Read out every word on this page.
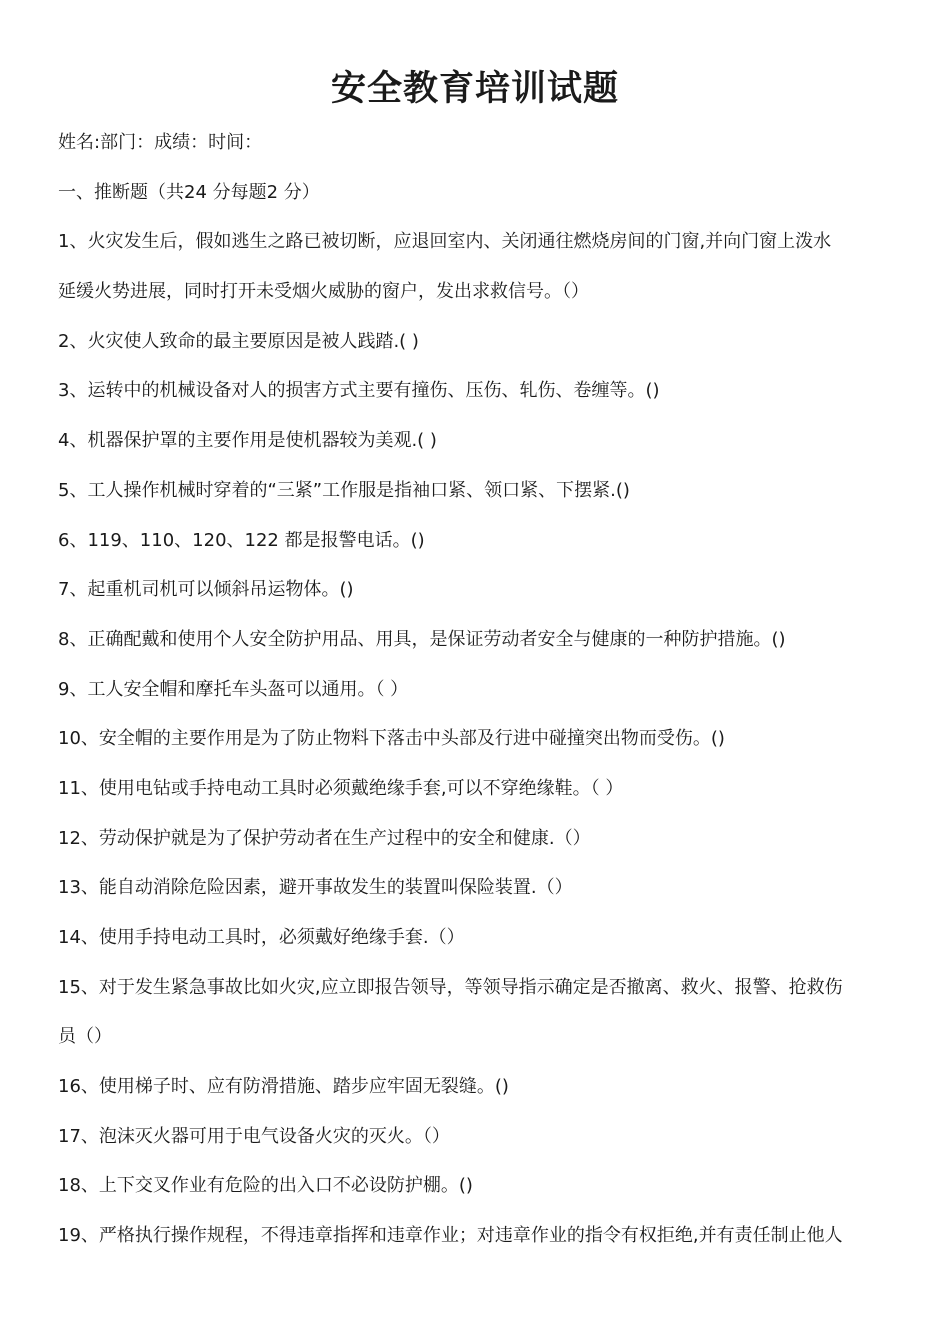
安全教育培训试题

姓名:部门：成绩：时间：

一、推断题（共24 分每题2 分）

1、火灾发生后，假如逃生之路已被切断，应退回室内、关闭通往燃烧房间的门窗,并向门窗上泼水

延缓火势进展，同时打开未受烟火威胁的窗户，发出求救信号。（）

2、火灾使人致命的最主要原因是被人践踏.( )

3、运转中的机械设备对人的损害方式主要有撞伤、压伤、轧伤、卷缠等。()

4、机器保护罩的主要作用是使机器较为美观.( )

5、工人操作机械时穿着的“三紧”工作服是指袖口紧、领口紧、下摆紧.()

6、119、110、120、122 都是报警电话。()

7、起重机司机可以倾斜吊运物体。()

8、正确配戴和使用个人安全防护用品、用具，是保证劳动者安全与健康的一种防护措施。()

9、工人安全帽和摩托车头盔可以通用。（ ）

10、安全帽的主要作用是为了防止物料下落击中头部及行进中碰撞突出物而受伤。()

11、使用电钻或手持电动工具时必须戴绝缘手套,可以不穿绝缘鞋。（ ）

12、劳动保护就是为了保护劳动者在生产过程中的安全和健康.（）

13、能自动消除危险因素，避开事故发生的装置叫保险装置.（）

14、使用手持电动工具时，必须戴好绝缘手套.（）

15、对于发生紧急事故比如火灾,应立即报告领导，等领导指示确定是否撤离、救火、报警、抢救伤

员（）

16、使用梯子时、应有防滑措施、踏步应牢固无裂缝。()

17、泡沫灭火器可用于电气设备火灾的灭火。（）

18、上下交叉作业有危险的出入口不必设防护棚。()

19、严格执行操作规程，不得违章指挥和违章作业；对违章作业的指令有权拒绝,并有责任制止他人
